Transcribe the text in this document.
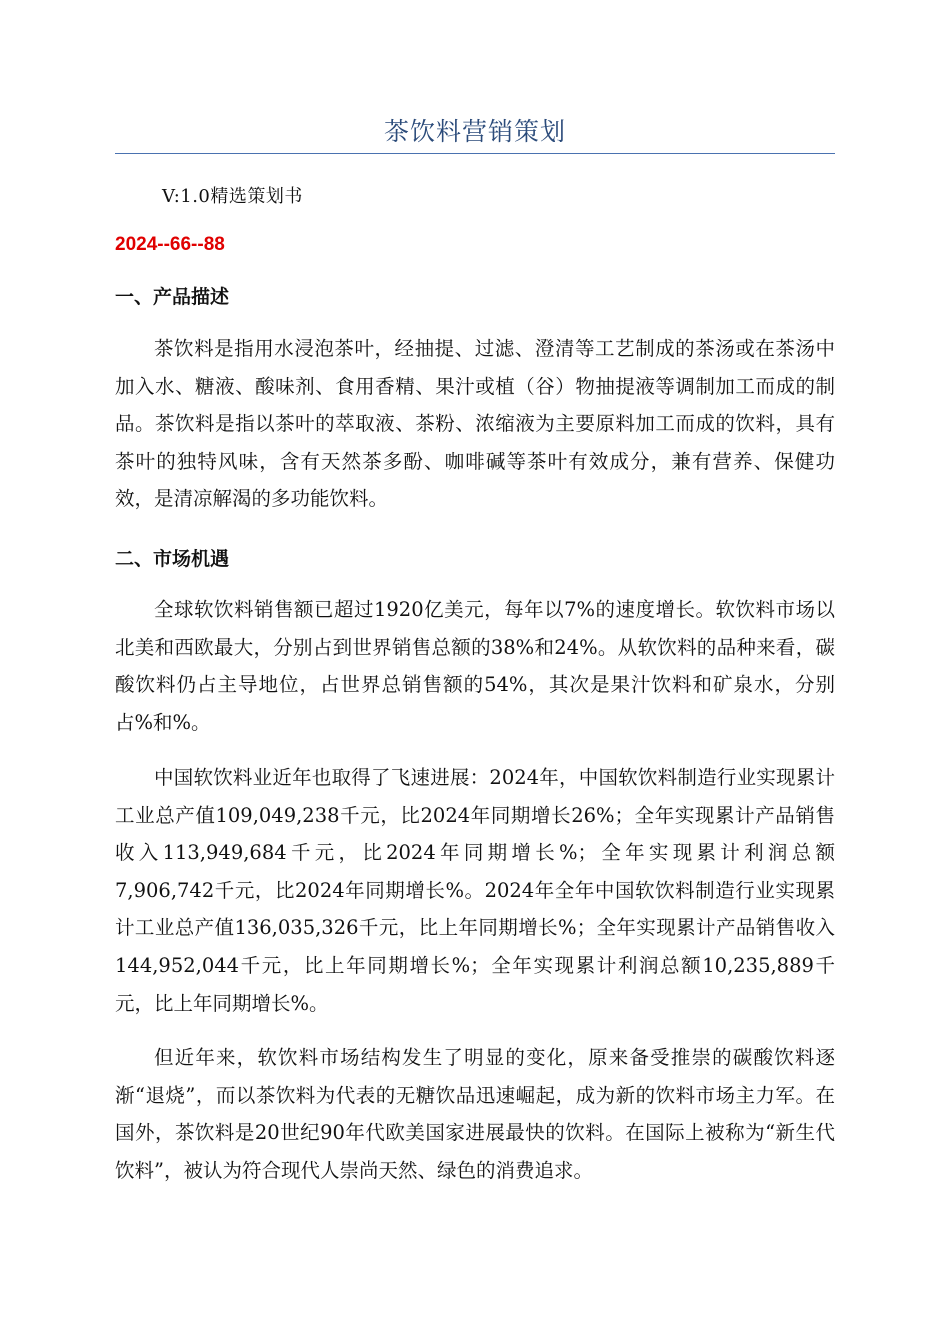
茶饮料营销策划
V:1.0精选策划书
2024--66--88
一、产品描述

茶饮料是指用水浸泡茶叶，经抽提、过滤、澄清等工艺制成的茶汤或在茶汤中加入水、糖液、酸味剂、食用香精、果汁或植（谷）物抽提液等调制加工而成的制品。茶饮料是指以茶叶的萃取液、茶粉、浓缩液为主要原料加工而成的饮料，具有茶叶的独特风味，含有天然茶多酚、咖啡碱等茶叶有效成分，兼有营养、保健功效，是清凉解渴的多功能饮料。

二、市场机遇

全球软饮料销售额已超过1920亿美元，每年以7%的速度增长。软饮料市场以北美和西欧最大，分别占到世界销售总额的38%和24%。从软饮料的品种来看，碳酸饮料仍占主导地位，占世界总销售额的54%，其次是果汁饮料和矿泉水，分别占%和%。

中国软饮料业近年也取得了飞速进展：2024年，中国软饮料制造行业实现累计工业总产值109,049,238千元，比2024年同期增长26%；全年实现累计产品销售收入113,949,684千元，比2024年同期增长%；全年实现累计利润总额7,906,742千元，比2024年同期增长%。2024年全年中国软饮料制造行业实现累计工业总产值136,035,326千元，比上年同期增长%；全年实现累计产品销售收入144,952,044千元，比上年同期增长%；全年实现累计利润总额10,235,889千元，比上年同期增长%。

但近年来，软饮料市场结构发生了明显的变化，原来备受推崇的碳酸饮料逐渐“退烧”，而以茶饮料为代表的无糖饮品迅速崛起，成为新的饮料市场主力军。在国外，茶饮料是20世纪90年代欧美国家进展最快的饮料。在国际上被称为“新生代饮料”，被认为符合现代人崇尚天然、绿色的消费追求。
